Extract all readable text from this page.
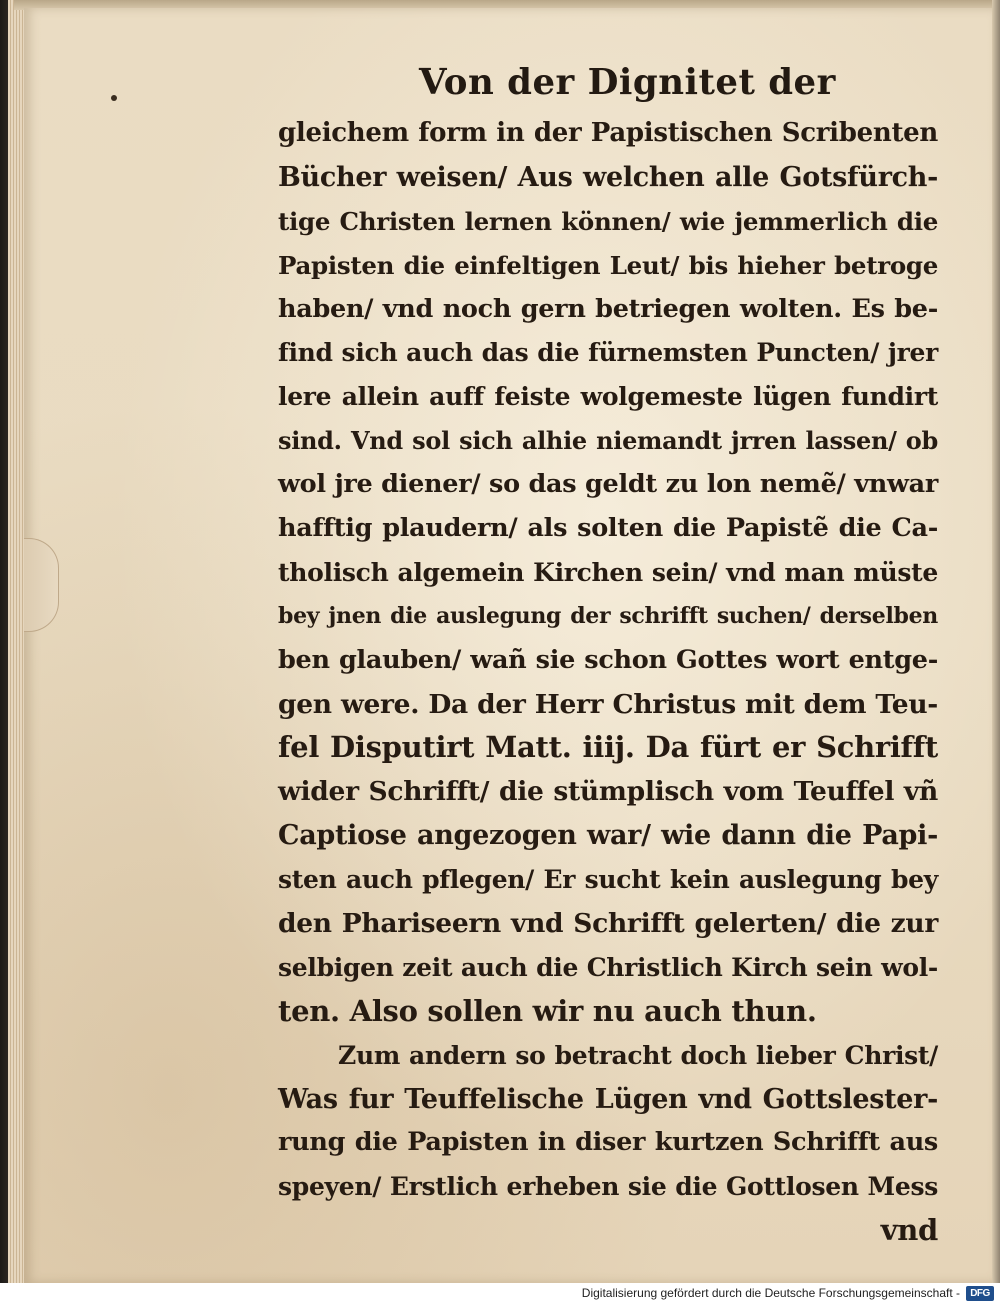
Von der Dignitet der
gleichem form in der Papistischen Scribenten
Bücher weisen/ Aus welchen alle Gotsfürch-
tige Christen lernen können/ wie jemmerlich die
Papisten die einfeltigen Leut/ bis hieher betroge
haben/ vnd noch gern betriegen wolten. Es be-
find sich auch das die fürnemsten Puncten/ jrer
lere allein auff feiste wolgemeste lügen fundirt
sind. Vnd sol sich alhie niemandt jrren lassen/ ob
wol jre diener/ so das geldt zu lon nemẽ/ vnwar
hafftig plaudern/ als solten die Papistẽ die Ca-
tholisch algemein Kirchen sein/ vnd man müste
bey jnen die auslegung der schrifft suchen/ derselben
ben glauben/ wañ sie schon Gottes wort entge-
gen were. Da der Herr Christus mit dem Teu-
fel Disputirt Matt. iiij. Da fürt er Schrifft
wider Schrifft/ die stümplisch vom Teuffel vñ
Captiose angezogen war/ wie dann die Papi-
sten auch pflegen/ Er sucht kein auslegung bey
den Phariseern vnd Schrifft gelerten/ die zur
selbigen zeit auch die Christlich Kirch sein wol-
ten. Also sollen wir nu auch thun.
Zum andern so betracht doch lieber Christ/
Was fur Teuffelische Lügen vnd Gottslester-
rung die Papisten in diser kurtzen Schrifft aus
speyen/ Erstlich erheben sie die Gottlosen Mess
vnd
Digitalisierung gefördert durch die Deutsche Forschungsgemeinschaft -	DFG
